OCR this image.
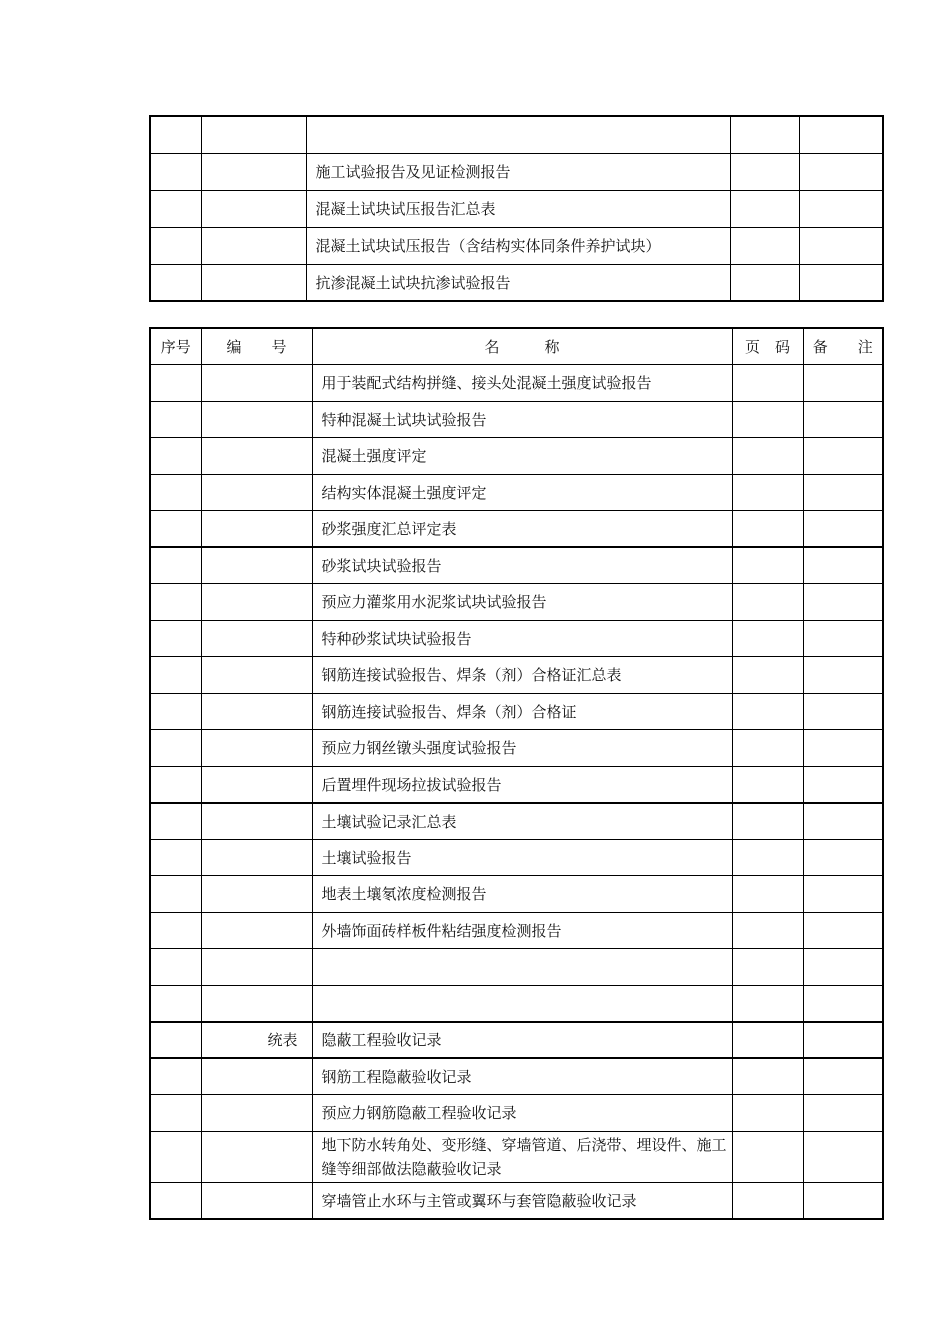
		施工试验报告及见证检测报告		
		混凝土试块试压报告汇总表		
		混凝土试块试压报告（含结构实体同条件养护试块）		
		抗渗混凝土试块抗渗试验报告		
序号	编　　号	名　　　称	页　码	备　　注
		用于装配式结构拼缝、接头处混凝土强度试验报告		
		特种混凝土试块试验报告		
		混凝土强度评定		
		结构实体混凝土强度评定		
		砂浆强度汇总评定表		
		砂浆试块试验报告		
		预应力灌浆用水泥浆试块试验报告		
		特种砂浆试块试验报告		
		钢筋连接试验报告、焊条（剂）合格证汇总表		
		钢筋连接试验报告、焊条（剂）合格证		
		预应力钢丝镦头强度试验报告		
		后置埋件现场拉拔试验报告		
		土壤试验记录汇总表		
		土壤试验报告		
		地表土壤氡浓度检测报告		
		外墙饰面砖样板件粘结强度检测报告		

	统表	隐蔽工程验收记录		
		钢筋工程隐蔽验收记录		
		预应力钢筋隐蔽工程验收记录		
		地下防水转角处、变形缝、穿墙管道、后浇带、埋设件、施工缝等细部做法隐蔽验收记录		
		穿墙管止水环与主管或翼环与套管隐蔽验收记录		
